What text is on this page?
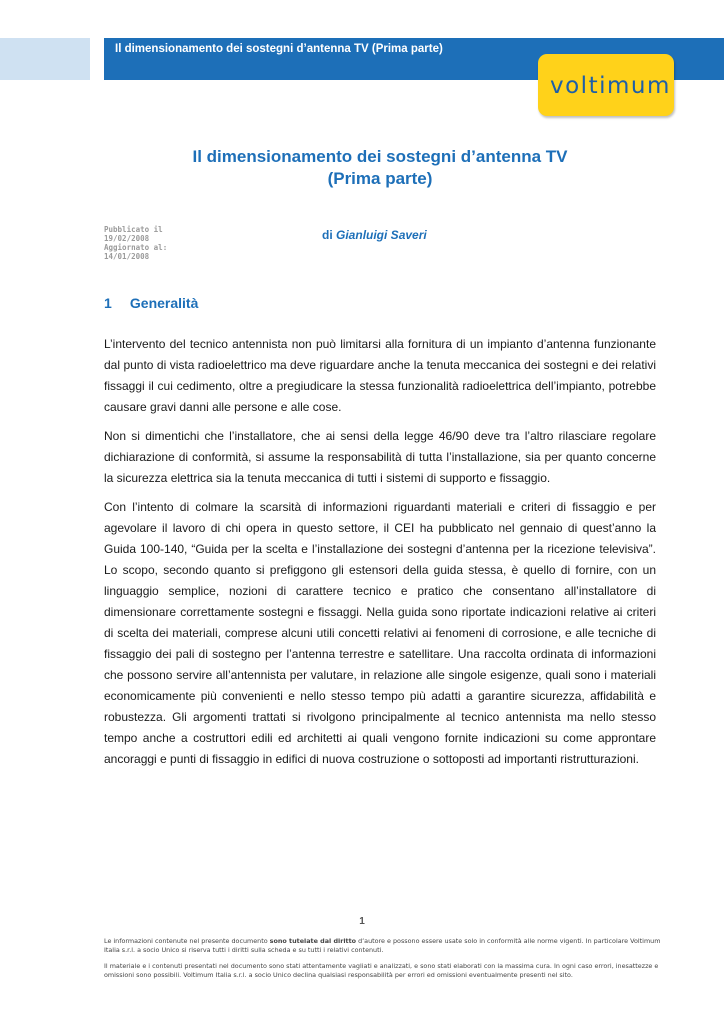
Il dimensionamento dei sostegni d’antenna TV (Prima parte)
voltimum
Il dimensionamento dei sostegni d’antenna TV
(Prima parte)
Pubblicato il
19/02/2008
Aggiornato al:
14/01/2008
di Gianluigi Saveri
1 Generalità

L’intervento del tecnico antennista non può limitarsi alla fornitura di un impianto d’antenna funzionante dal punto di vista radioelettrico ma deve riguardare anche la tenuta meccanica dei sostegni e dei relativi fissaggi il cui cedimento, oltre a pregiudicare la stessa funzionalità radioelettrica dell’impianto, potrebbe causare gravi danni alle persone e alle cose.

Non si dimentichi che l’installatore, che ai sensi della legge 46/90 deve tra l’altro rilasciare regolare dichiarazione di conformità, si assume la responsabilità di tutta l’installazione, sia per quanto concerne la sicurezza elettrica sia la tenuta meccanica di tutti i sistemi di supporto e fissaggio.

Con l’intento di colmare la scarsità di informazioni riguardanti materiali e criteri di fissaggio e per agevolare il lavoro di chi opera in questo settore, il CEI ha pubblicato nel gennaio di quest’anno la Guida 100-140, “Guida per la scelta e l’installazione dei sostegni d’antenna per la ricezione televisiva”. Lo scopo, secondo quanto si prefiggono gli estensori della guida stessa, è quello di fornire, con un linguaggio semplice, nozioni di carattere tecnico e pratico che consentano all’installatore di dimensionare correttamente sostegni e fissaggi. Nella guida sono riportate indicazioni relative ai criteri di scelta dei materiali, comprese alcuni utili concetti relativi ai fenomeni di corrosione, e alle tecniche di fissaggio dei pali di sostegno per l’antenna terrestre e satellitare. Una raccolta ordinata di informazioni che possono servire all’antennista per valutare, in relazione alle singole esigenze, quali sono i materiali economicamente più convenienti e nello stesso tempo più adatti a garantire sicurezza, affidabilità e robustezza. Gli argomenti trattati si rivolgono principalmente al tecnico antennista ma nello stesso tempo anche a costruttori edili ed architetti ai quali vengono fornite indicazioni su come approntare ancoraggi e punti di fissaggio in edifici di nuova costruzione o sottoposti ad importanti ristrutturazioni.

1

Le informazioni contenute nel presente documento sono tutelate dal diritto d’autore e possono essere usate solo in conformità alle norme vigenti. In particolare Voltimum Italia s.r.l. a socio Unico si riserva tutti i diritti sulla scheda e su tutti i relativi contenuti.

Il materiale e i contenuti presentati nel documento sono stati attentamente vagliati e analizzati, e sono stati elaborati con la massima cura. In ogni caso errori, inesattezze e omissioni sono possibili. Voltimum Italia s.r.l. a socio Unico declina qualsiasi responsabilità per errori ed omissioni eventualmente presenti nel sito.
